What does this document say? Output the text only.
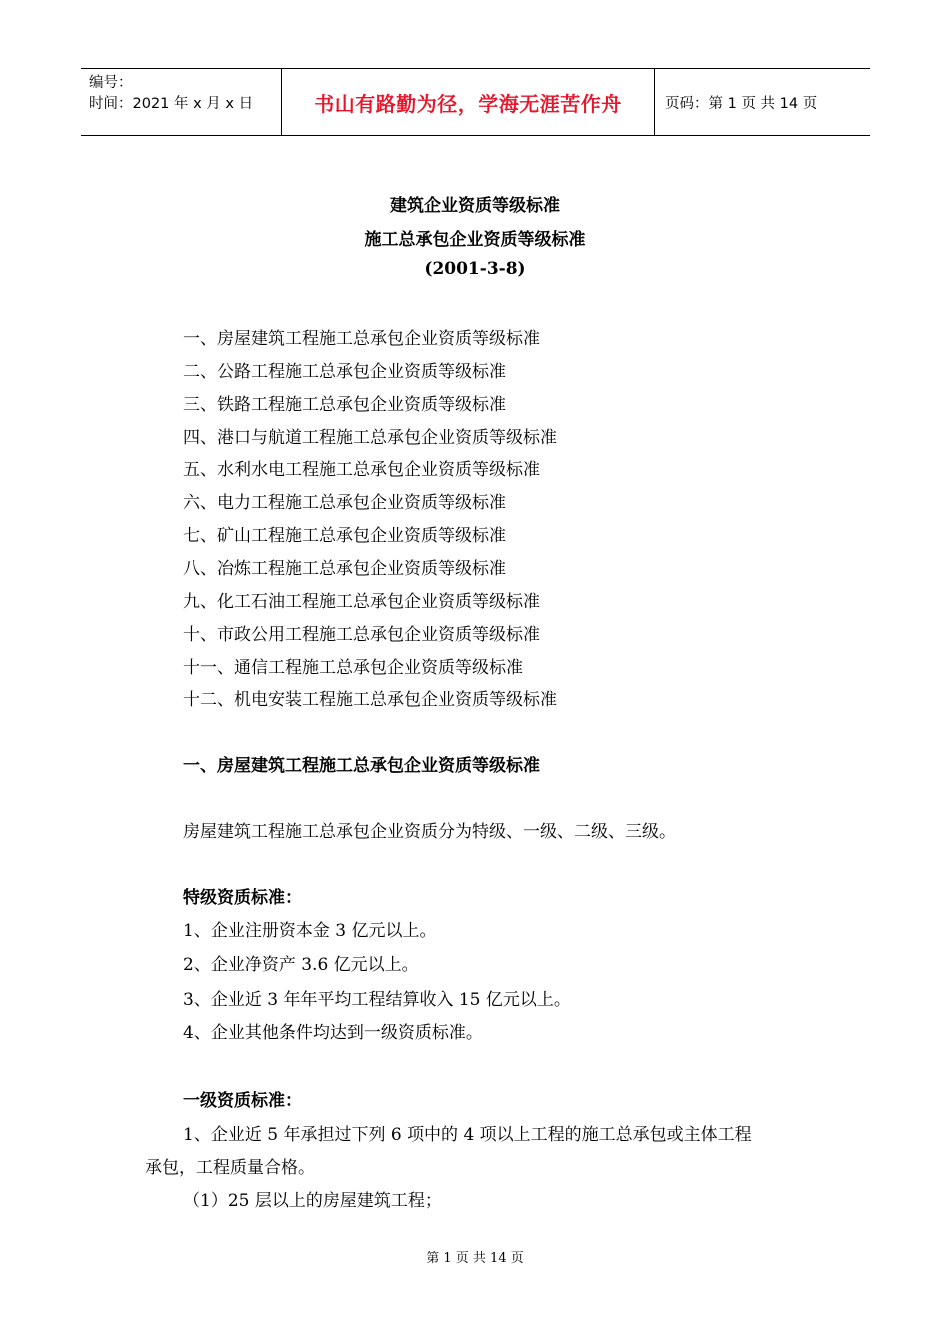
编号：
时间：2021 年 x 月 x 日	书山有路勤为径，学海无涯苦作舟	页码：第 1 页 共 14 页
建筑企业资质等级标准
施工总承包企业资质等级标准
(2001-3-8)
一、房屋建筑工程施工总承包企业资质等级标准
二、公路工程施工总承包企业资质等级标准
三、铁路工程施工总承包企业资质等级标准
四、港口与航道工程施工总承包企业资质等级标准
五、水利水电工程施工总承包企业资质等级标准
六、电力工程施工总承包企业资质等级标准
七、矿山工程施工总承包企业资质等级标准
八、冶炼工程施工总承包企业资质等级标准
九、化工石油工程施工总承包企业资质等级标准
十、市政公用工程施工总承包企业资质等级标准
十一、通信工程施工总承包企业资质等级标准
十二、机电安装工程施工总承包企业资质等级标准
一、房屋建筑工程施工总承包企业资质等级标准
房屋建筑工程施工总承包企业资质分为特级、一级、二级、三级。
特级资质标准：
1、企业注册资本金 3 亿元以上。
2、企业净资产 3.6 亿元以上。
3、企业近 3 年年平均工程结算收入 15 亿元以上。
4、企业其他条件均达到一级资质标准。
一级资质标准：
1、企业近 5 年承担过下列 6 项中的 4 项以上工程的施工总承包或主体工程
承包，工程质量合格。
（1）25 层以上的房屋建筑工程；
第 1 页 共 14 页
